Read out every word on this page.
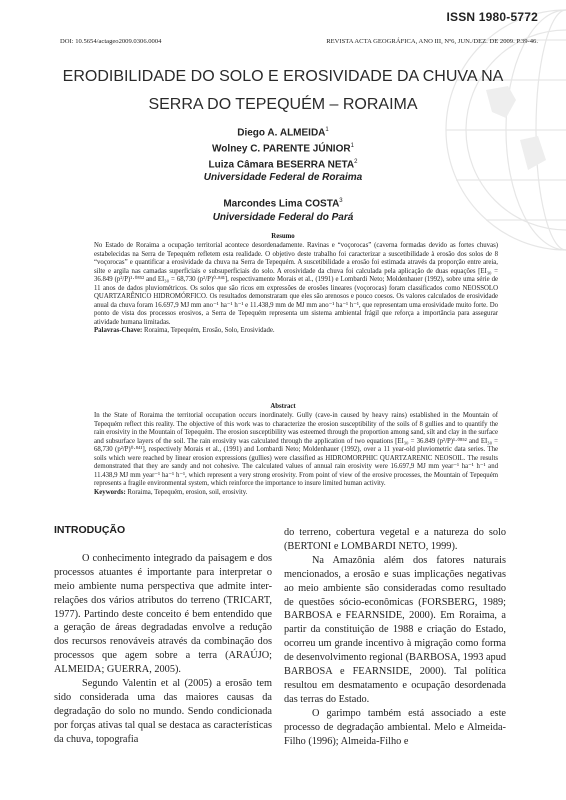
ISSN 1980-5772
DOI: 10.5654/actageo2009.0306.0004	REVISTA ACTA GEOGRÁFICA, ANO III, Nº6, JUN./DEZ. DE 2009. P.39-46.
ERODIBILIDADE DO SOLO E EROSIVIDADE DA CHUVA NA
SERRA DO TEPEQUÉM – RORAIMA
Diego A. ALMEIDA$^1$
Wolney C. PARENTE JÚNIOR$^1$
Luiza Câmara BESERRA NETA$^2$
Universidade Federal de Roraima
Marcondes Lima COSTA$^3$
Universidade Federal do Pará
Resumo
No Estado de Roraima a ocupação territorial acontece desordenadamente. Ravinas e “voçorocas” (caverna formadas devido as fortes chuvas) estabelecidas na Serra de Tepequém refletem esta realidade. O objetivo deste trabalho foi caracterizar a suscetibilidade à erosão dos solos de 8 “voçorocas” e quantificar a erosividade da chuva na Serra de Tepequém. A suscetibilidade a erosão foi estimada através da proporção entre areia, silte e argila nas camadas superficiais e subsuperficiais do solo. A erosividade da chuva foi calculada pela aplicação de duas equações [EI₃₀ = 36.849 (p²/P)¹·⁰⁸⁵² and EI₃₀ = 68,730 (p²/P)⁰·⁸⁴¹], respectivamente Morais et al., (1991) e Lombardi Neto; Moldenhauer (1992), sobre uma série de 11 anos de dados pluviométricos. Os solos que são ricos em expressões de erosões lineares (voçorocas) foram classificados como NEOSSOLO QUARTZARÊNICO HIDROMÓRFICO. Os resultados demonstraram que eles são arenosos e pouco coesos. Os valores calculados de erosividade anual da chuva foram 16.697,9 MJ mm ano⁻¹ ha⁻¹ h⁻¹ e 11.438,9 mm de MJ mm ano⁻¹ ha⁻¹ h⁻¹, que representam uma erosividade muito forte. Do ponto de vista dos processos erosivos, a Serra de Tepequém representa um sistema ambiental frágil que reforça a importância para assegurar atividade humana limitadas.
Palavras-Chave: Roraima, Tepequém, Erosão, Solo, Erosividade.
Abstract
In the State of Roraima the territorial occupation occurs inordinately. Gully (cave-in caused by heavy rains) established in the Mountain of Tepequém reflect this reality. The objective of this work was to characterize the erosion susceptibility of the soils of 8 gullies and to quantify the rain erosivity in the Mountain of Tepequém. The erosion susceptibility was esteemed through the proportion among sand, silt and clay in the surface and subsurface layers of the soil. The rain erosivity was calculated through the application of two equations [EI₃₀ = 36.849 (p²/P)¹·⁰⁸⁵² and EI₃₀ = 68,730 (p²/P)⁰·⁸⁴¹], respectively Morais et al., (1991) and Lombardi Neto; Moldenhauer (1992), over a 11 year-old pluviometric data series. The soils which were reached by linear erosion expressions (gullies) were classified as HIDROMORPHIC QUARTZARENIC NEOSOIL. The results demonstrated that they are sandy and not cohesive. The calculated values of annual rain erosivity were 16.697,9 MJ mm year⁻¹ ha⁻¹ h⁻¹ and 11.438,9 MJ mm year⁻¹ ha⁻¹ h⁻¹, which represent a very strong erosivity. From point of view of the erosive processes, the Mountain of Tepequém represents a fragile environmental system, which reinforce the importance to insure limited human activity.
Keywords: Roraima, Tepequém, erosion, soil, erosivity.
INTRODUÇÃO

O conhecimento integrado da paisagem e dos processos atuantes é importante para interpretar o meio ambiente numa perspectiva que admite inter-relações dos vários atributos do terreno (TRICART, 1977). Partindo deste conceito é bem entendido que a geração de áreas degradadas envolve a redução dos recursos renováveis através da combinação dos processos que agem sobre a terra (ARAÚJO; ALMEIDA; GUERRA, 2005).

Segundo Valentin et al (2005) a erosão tem sido considerada uma das maiores causas da degradação do solo no mundo. Sendo condicionada por forças ativas tal qual se destaca as características da chuva, topografia

do terreno, cobertura vegetal e a natureza do solo (BERTONI e LOMBARDI NETO, 1999).

Na Amazônia além dos fatores naturais mencionados, a erosão e suas implicações negativas ao meio ambiente são consideradas como resultado de questões sócio-econômicas (FORSBERG, 1989; BARBOSA e FEARNSIDE, 2000). Em Roraima, a partir da constituição de 1988 e criação do Estado, ocorreu um grande incentivo à migração como forma de desenvolvimento regional (BARBOSA, 1993 apud BARBOSA e FEARNSIDE, 2000). Tal política resultou em desmatamento e ocupação desordenada das terras do Estado.

O garimpo também está associado a este processo de degradação ambiental. Melo e Almeida-Filho (1996); Almeida-Filho e
